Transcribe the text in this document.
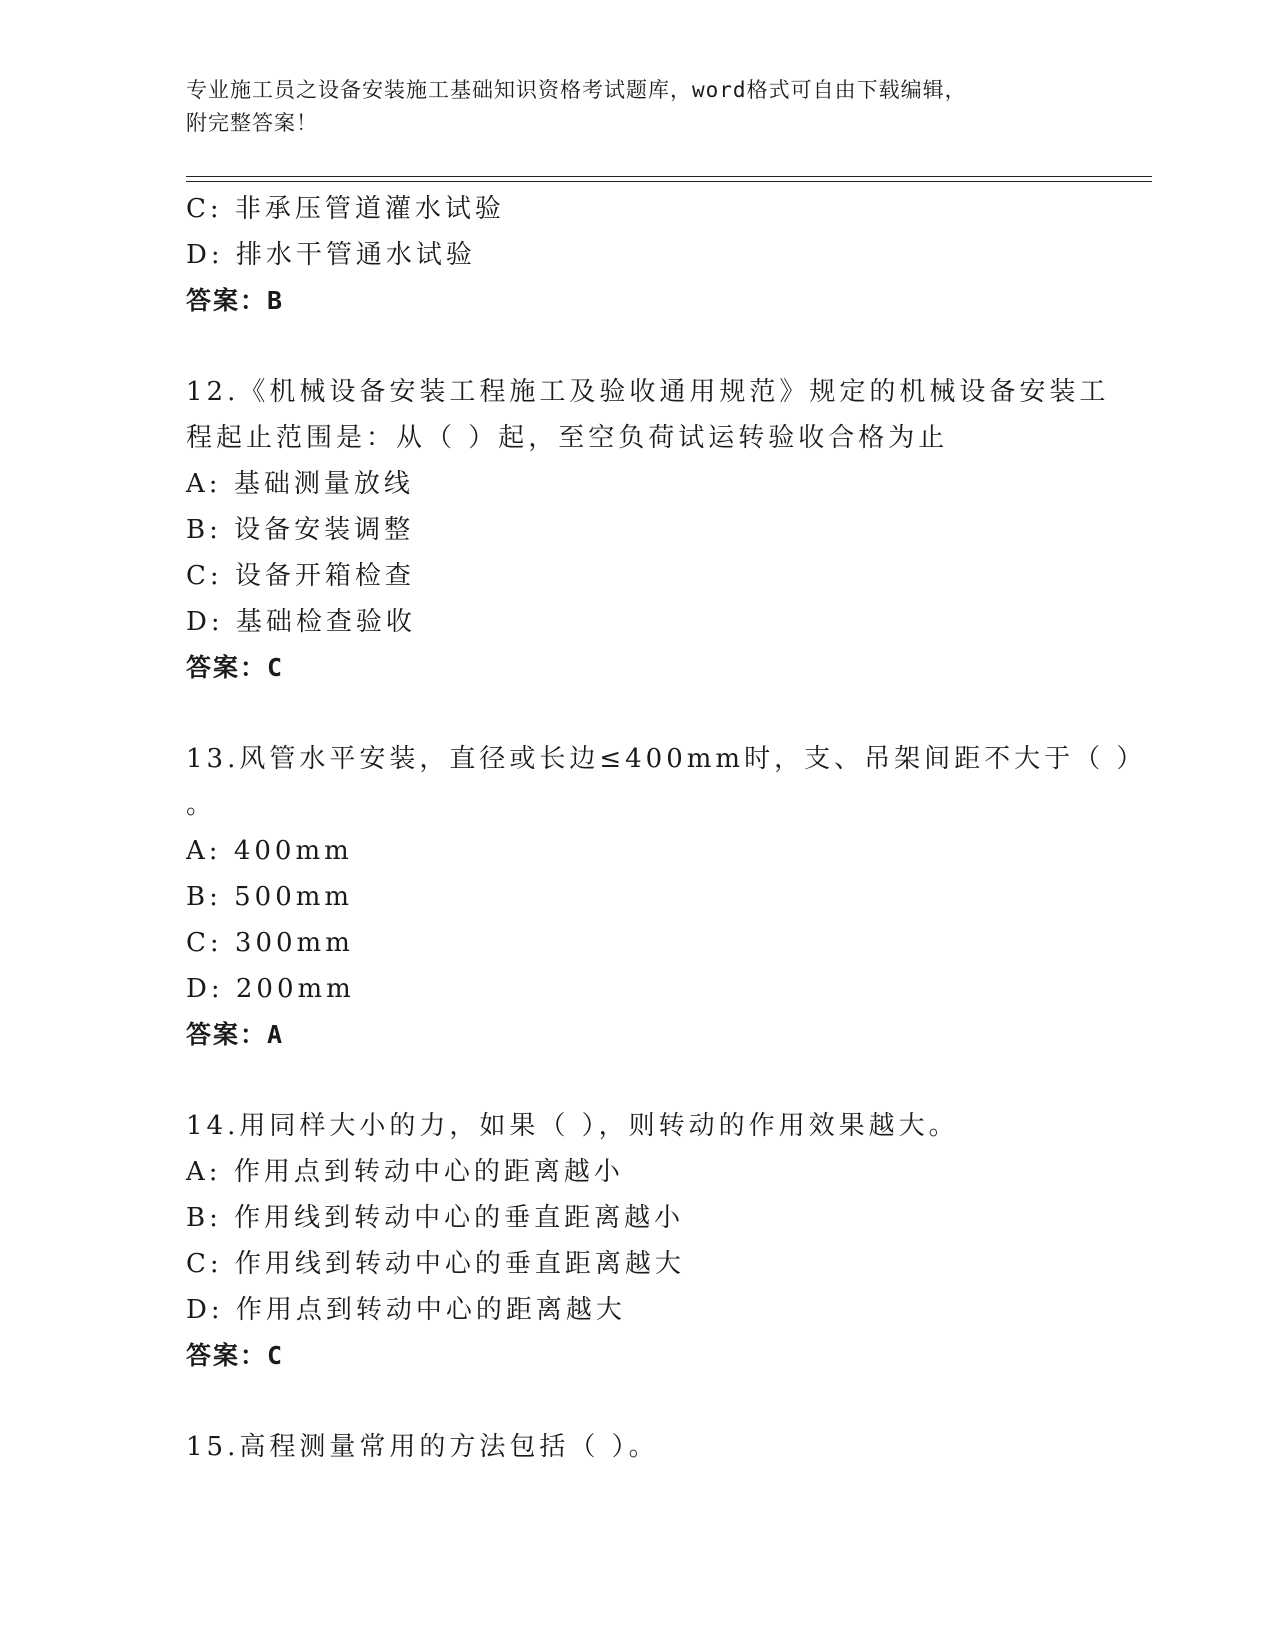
专业施工员之设备安装施工基础知识资格考试题库，word格式可自由下载编辑，
附完整答案！
C: 非承压管道灌水试验
D: 排水干管通水试验
答案：B
12.《机械设备安装工程施工及验收通用规范》规定的机械设备安装工
程起止范围是：从（ ）起，至空负荷试运转验收合格为止
A: 基础测量放线
B: 设备安装调整
C: 设备开箱检查
D: 基础检查验收
答案：C
13.风管水平安装，直径或长边≤400mm时，支、吊架间距不大于（ ）
。
A: 400mm
B: 500mm
C: 300mm
D: 200mm
答案：A
14.用同样大小的力，如果（ ），则转动的作用效果越大。
A: 作用点到转动中心的距离越小
B: 作用线到转动中心的垂直距离越小
C: 作用线到转动中心的垂直距离越大
D: 作用点到转动中心的距离越大
答案：C
15.高程测量常用的方法包括（ ）。
